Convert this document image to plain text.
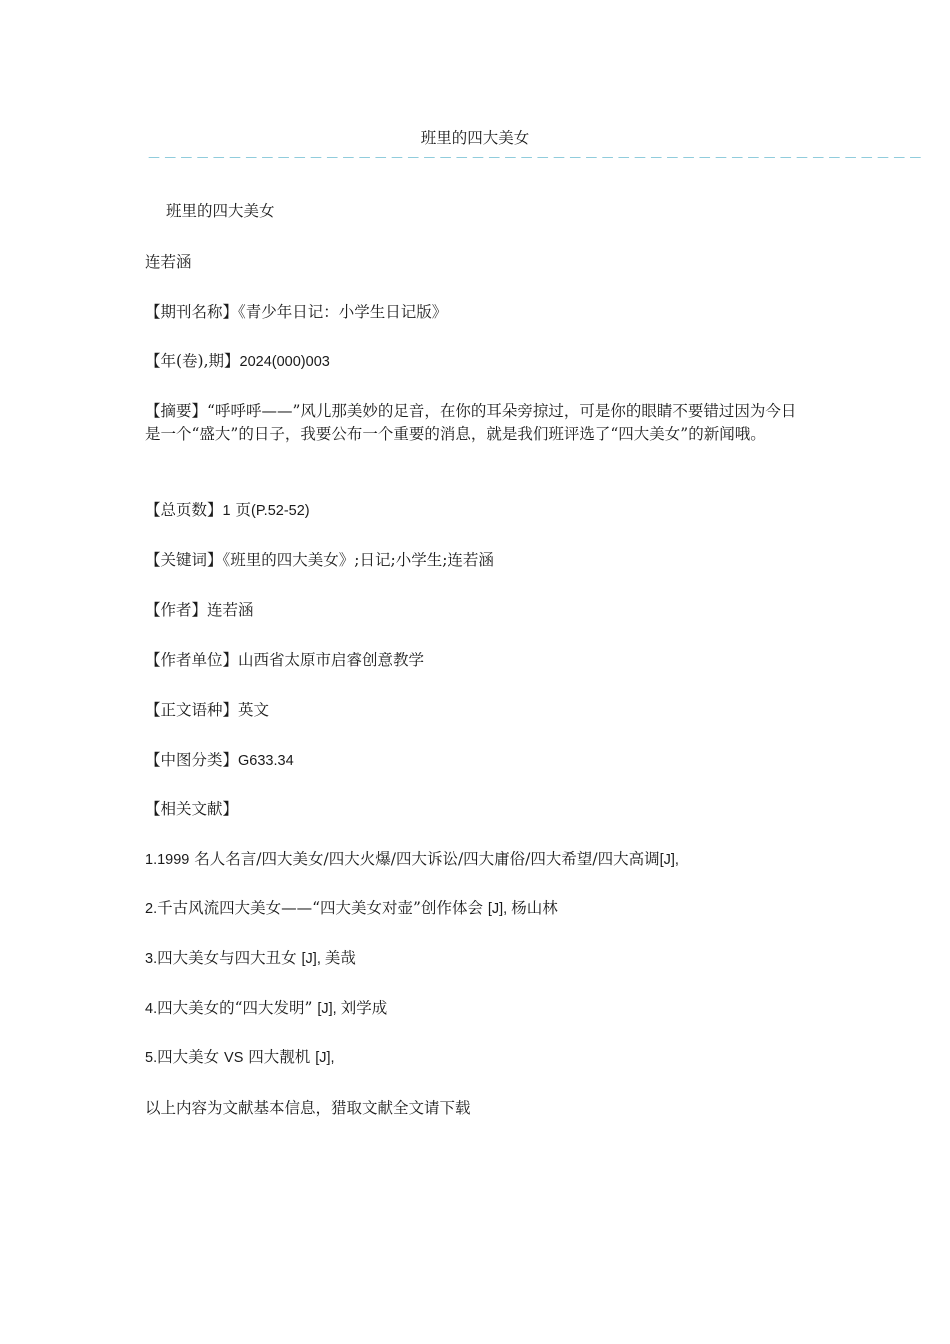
班里的四大美女
－－－－－－－－－－－－－－－－－－－－－－－－－－－－－－－－－－－－－－－－－－－－－－－－
班里的四大美女
连若涵
【期刊名称】《青少年日记：小学生日记版》
【年(卷),期】2024(000)003
【摘要】“呼呼呼——”风儿那美妙的足音，在你的耳朵旁掠过，可是你的眼睛不要错过因为今日是一个“盛大”的日子，我要公布一个重要的消息，就是我们班评选了“四大美女”的新闻哦。
【总页数】1 页(P.52-52)
【关键词】《班里的四大美女》;日记;小学生;连若涵
【作者】连若涵
【作者单位】山西省太原市启睿创意教学
【正文语种】英文
【中图分类】G633.34
【相关文献】
1.1999 名人名言/四大美女/四大火爆/四大诉讼/四大庸俗/四大希望/四大高调[J],
2.千古风流四大美女——“四大美女对壶”创作体会 [J], 杨山林
3.四大美女与四大丑女 [J], 美哉
4.四大美女的“四大发明” [J], 刘学成
5.四大美女 VS 四大靓机 [J],
以上内容为文献基本信息，猎取文献全文请下载
